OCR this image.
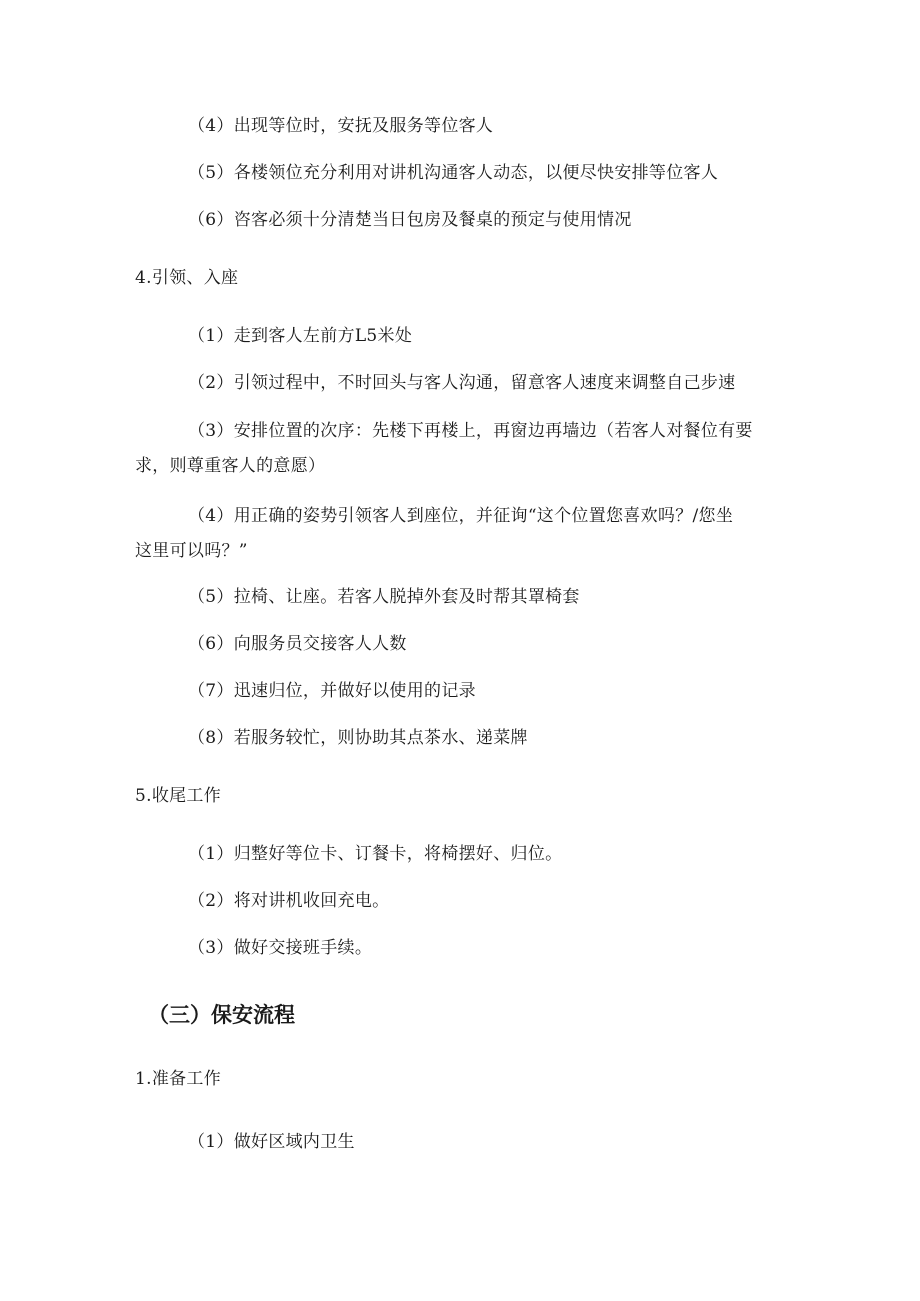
（4）出现等位时，安抚及服务等位客人
（5）各楼领位充分利用对讲机沟通客人动态，以便尽快安排等位客人
（6）咨客必须十分清楚当日包房及餐桌的预定与使用情况
4.引领、入座
（1）走到客人左前方L5米处
（2）引领过程中，不时回头与客人沟通，留意客人速度来调整自己步速
（3）安排位置的次序：先楼下再楼上，再窗边再墙边（若客人对餐位有要
求，则尊重客人的意愿）
（4）用正确的姿势引领客人到座位，并征询“这个位置您喜欢吗？/您坐
这里可以吗？”
（5）拉椅、让座。若客人脱掉外套及时帮其罩椅套
（6）向服务员交接客人人数
（7）迅速归位，并做好以使用的记录
（8）若服务较忙，则协助其点茶水、递菜牌
5.收尾工作
（1）归整好等位卡、订餐卡，将椅摆好、归位。
（2）将对讲机收回充电。
（3）做好交接班手续。
（三）保安流程
1.准备工作
（1）做好区域内卫生
